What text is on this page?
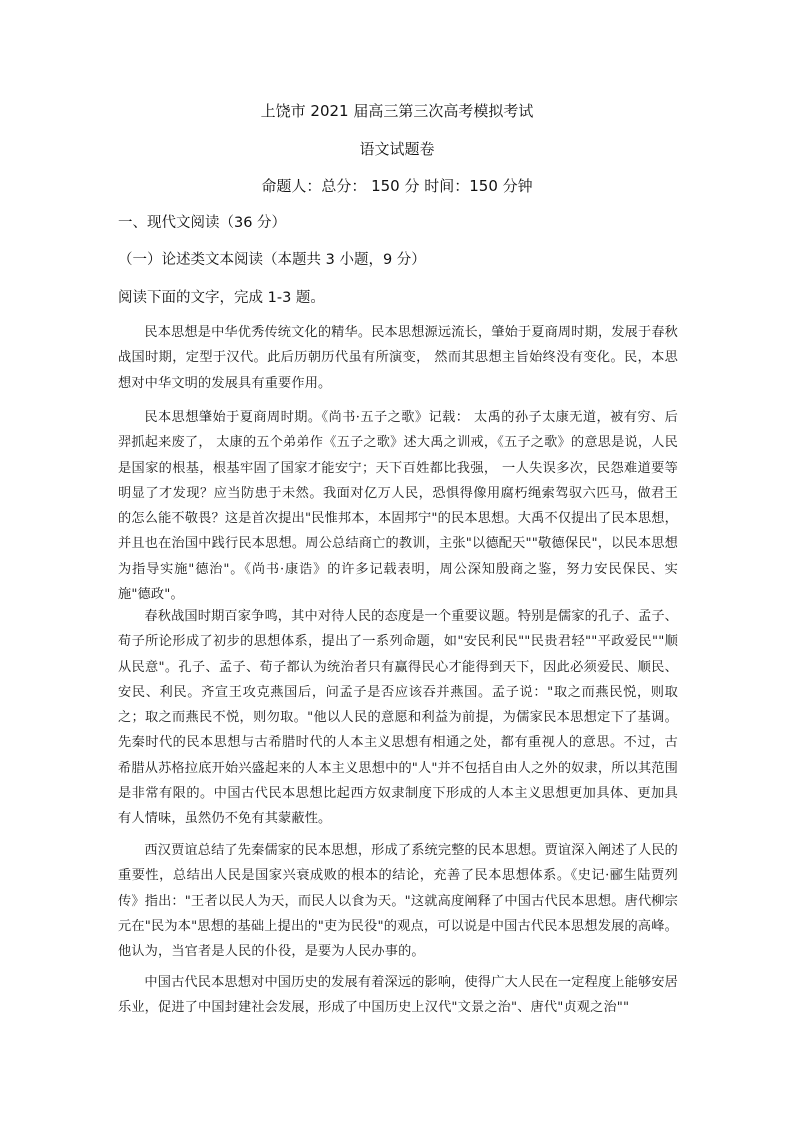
上饶市 2021 届高三第三次高考模拟考试
语文试题卷
命题人：总分： 150 分 时间：150 分钟
一、现代文阅读（36 分）
（一）论述类文本阅读（本题共 3 小题，9 分）
阅读下面的文字，完成 1-3 题。

民本思想是中华优秀传统文化的精华。民本思想源远流长，肇始于夏商周时期，发展于春秋战国时期，定型于汉代。此后历朝历代虽有所演变， 然而其思想主旨始终没有变化。民，本思想对中华文明的发展具有重要作用。

民本思想肇始于夏商周时期。《尚书·五子之歌》记载： 太禹的孙子太康无道，被有穷、后羿抓起来废了， 太康的五个弟弟作《五子之歌》述大禹之训戒，《五子之歌》的意思是说，人民是国家的根基，根基牢固了国家才能安宁；天下百姓都比我强， 一人失误多次，民怨难道要等明显了才发现？应当防患于未然。我面对亿万人民，恐惧得像用腐朽绳索驾驭六匹马，做君王的怎么能不敬畏？这是首次提出"民惟邦本，本固邦宁"的民本思想。大禹不仅提出了民本思想，并且也在治国中践行民本思想。周公总结商亡的教训，主张"以德配天""敬德保民"，以民本思想为指导实施"德治"。《尚书·康诰》的许多记载表明，周公深知殷商之鉴，努力安民保民、实施"德政"。

春秋战国时期百家争鸣，其中对待人民的态度是一个重要议题。特别是儒家的孔子、孟子、荀子所论形成了初步的思想体系，提出了一系列命题，如"安民利民""民贵君轻""平政爱民""顺从民意"。孔子、孟子、荀子都认为统治者只有赢得民心才能得到天下，因此必须爱民、顺民、安民、利民。齐宣王攻克燕国后，问孟子是否应该吞并燕国。孟子说："取之而燕民悦，则取之；取之而燕民不悦，则勿取。"他以人民的意愿和利益为前提，为儒家民本思想定下了基调。先秦时代的民本思想与古希腊时代的人本主义思想有相通之处，都有重视人的意思。不过，古希腊从苏格拉底开始兴盛起来的人本主义思想中的"人"并不包括自由人之外的奴隶，所以其范围是非常有限的。中国古代民本思想比起西方奴隶制度下形成的人本主义思想更加具体、更加具有人情味，虽然仍不免有其蒙蔽性。

西汉贾谊总结了先秦儒家的民本思想，形成了系统完整的民本思想。贾谊深入阐述了人民的重要性，总结出人民是国家兴衰成败的根本的结论，充善了民本思想体系。《史记·郦生陆贾列传》指出："王者以民人为天，而民人以食为天。"这就高度阐释了中国古代民本思想。唐代柳宗元在"民为本"思想的基础上提出的"吏为民役"的观点，可以说是中国古代民本思想发展的高峰。他认为，当官者是人民的仆役，是要为人民办事的。

中国古代民本思想对中国历史的发展有着深远的影响，使得广大人民在一定程度上能够安居乐业，促进了中国封建社会发展，形成了中国历史上汉代"文景之治"、唐代"贞观之治""
